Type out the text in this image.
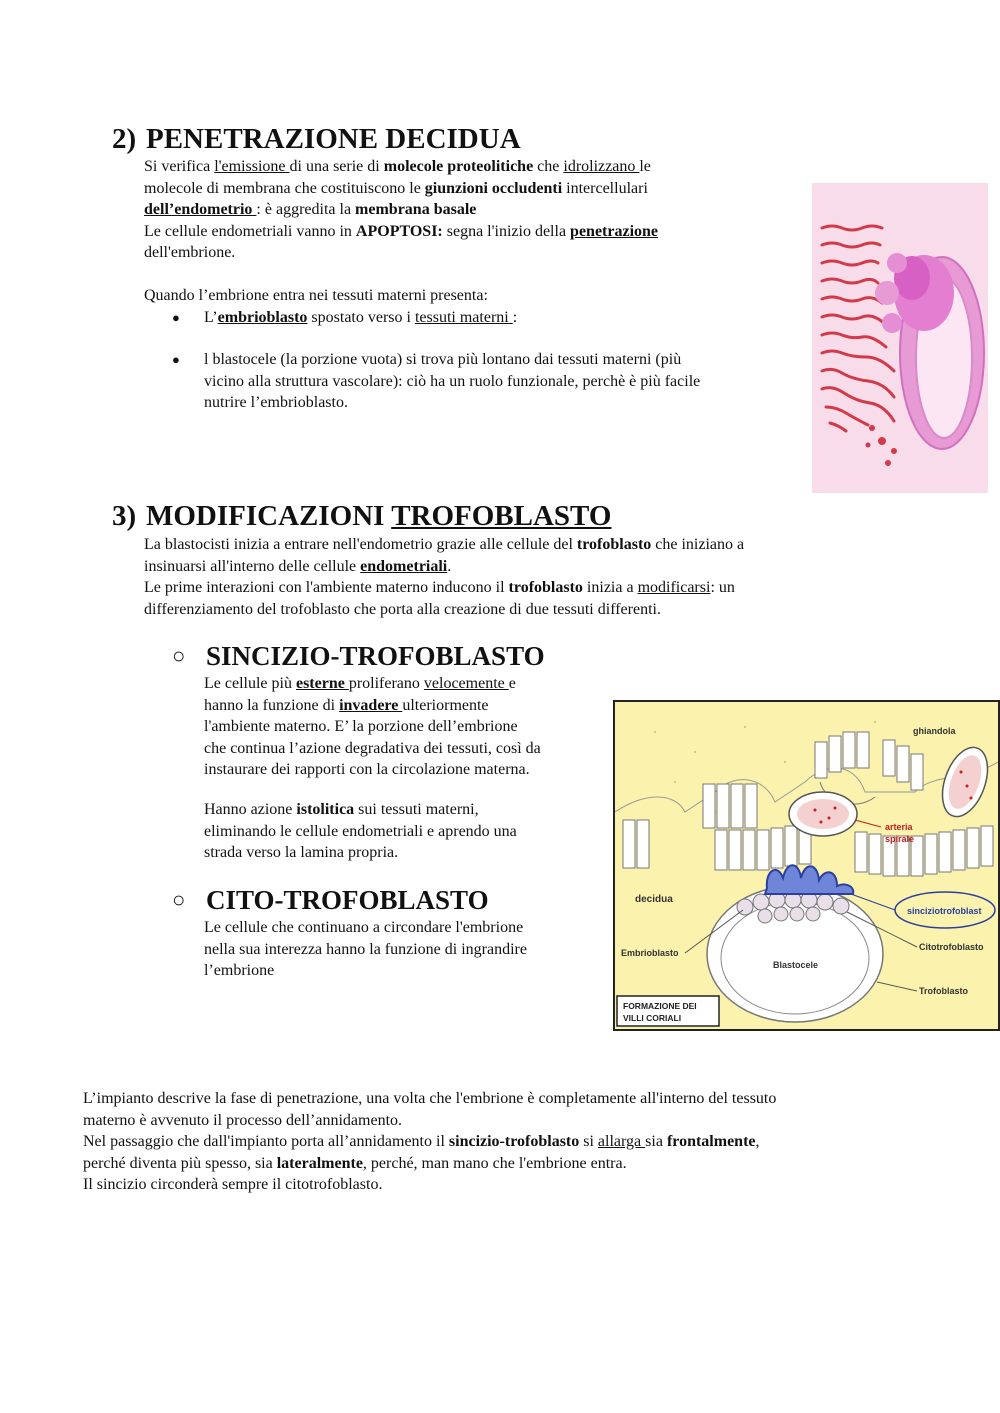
2) PENETRAZIONE DECIDUA
Si verifica l'emissione di una serie di molecole proteolitiche che idrolizzano le
molecole di membrana che costituiscono le giunzioni occludenti intercellulari
dell’endometrio : è aggredita la membrana basale
Le cellule endometriali vanno in APOPTOSI: segna l'inizio della penetrazione
dell'embrione.
Quando l’embrione entra nei tessuti materni presenta:
● L’embrioblasto spostato verso i tessuti materni :
● l blastocele (la porzione vuota) si trova più lontano dai tessuti materni (più
vicino alla struttura vascolare): ciò ha un ruolo funzionale, perchè è più facile
nutrire l’embrioblasto.
3) MODIFICAZIONI TROFOBLASTO
La blastocisti inizia a entrare nell'endometrio grazie alle cellule del trofoblasto che iniziano a
insinuarsi all'interno delle cellule endometriali.
Le prime interazioni con l'ambiente materno inducono il trofoblasto inizia a modificarsi: un
differenziamento del trofoblasto che porta alla creazione di due tessuti differenti.
○ SINCIZIO-TROFOBLASTO
Le cellule più esterne proliferano velocemente e
hanno la funzione di invadere ulteriormente
l'ambiente materno. E’ la porzione dell’embrione
che continua l’azione degradativa dei tessuti, così da
instaurare dei rapporti con la circolazione materna.
Hanno azione istolitica sui tessuti materni,
eliminando le cellule endometriali e aprendo una
strada verso la lamina propria.
○ CITO-TROFOBLASTO
Le cellule che continuano a circondare l'embrione
nella sua interezza hanno la funzione di ingrandire
l’embrione
ghiandola
arteria
spirale
sinciziotrofoblast
decidua
Embrioblasto
Citotrofoblasto
Blastocele
Trofoblasto
FORMAZIONE DEI
VILLI CORIALI
L’impianto descrive la fase di penetrazione, una volta che l'embrione è completamente all'interno del tessuto
materno è avvenuto il processo dell’annidamento.
Nel passaggio che dall'impianto porta all’annidamento il sincizio-trofoblasto si allarga sia frontalmente,
perché diventa più spesso, sia lateralmente, perché, man mano che l'embrione entra.
Il sincizio circonderà sempre il citotrofoblasto.
